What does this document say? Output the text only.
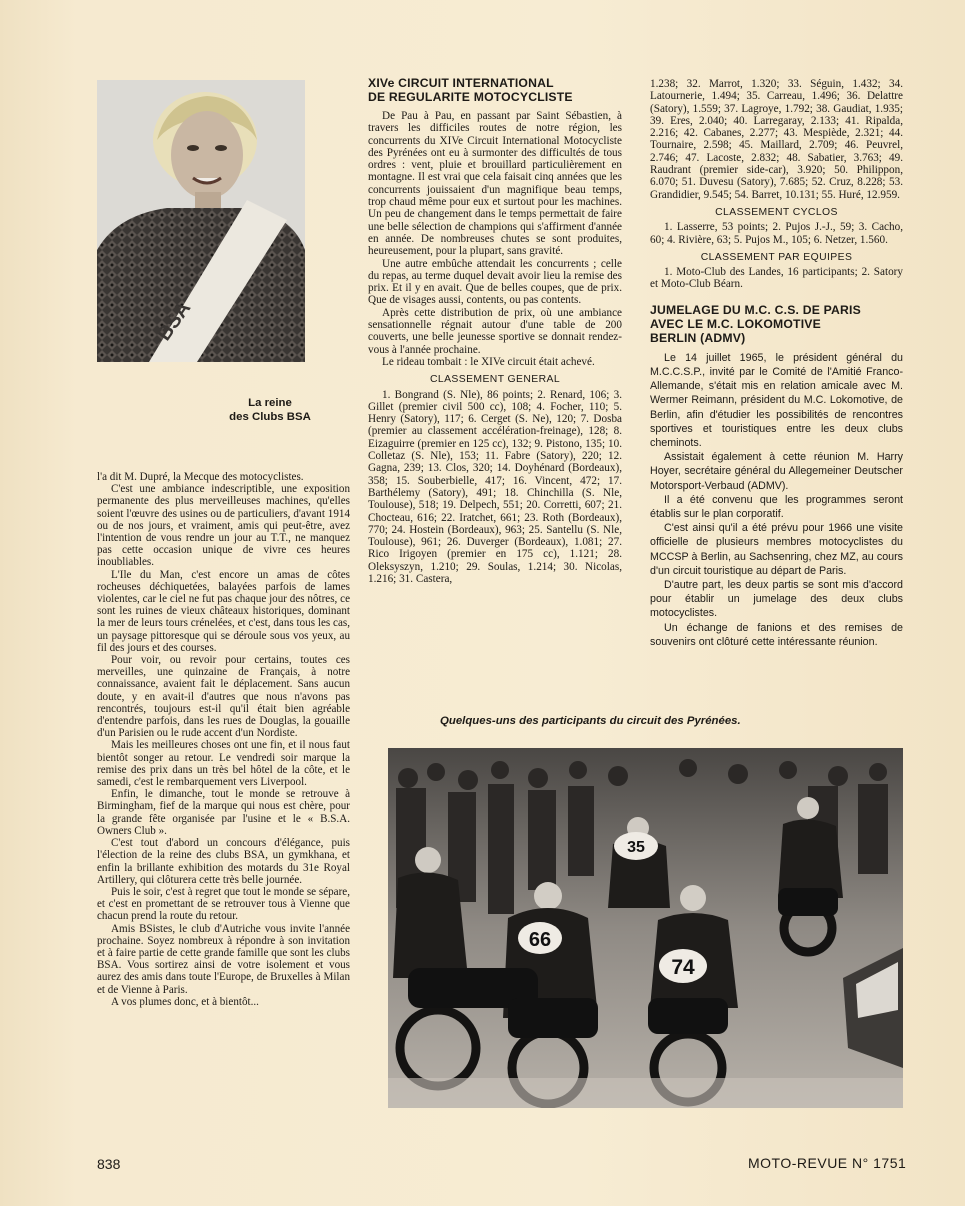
BSA
La reine
des Clubs BSA

l'a dit M. Dupré, la Mecque des motocyclistes.

C'est une ambiance indescriptible, une exposition permanente des plus merveilleuses machines, qu'elles soient l'œuvre des usines ou de particuliers, d'avant 1914 ou de nos jours, et vraiment, amis qui peut-être, avez l'intention de vous rendre un jour au T.T., ne manquez pas cette occasion unique de vivre ces heures inoubliables.

L'Ile du Man, c'est encore un amas de côtes rocheuses déchiquetées, balayées parfois de lames violentes, car le ciel ne fut pas chaque jour des nôtres, ce sont les ruines de vieux châteaux historiques, dominant la mer de leurs tours crénelées, et c'est, dans tous les cas, un paysage pittoresque qui se déroule sous vos yeux, au fil des jours et des courses.

Pour voir, ou revoir pour certains, toutes ces merveilles, une quinzaine de Français, à notre connaissance, avaient fait le déplacement. Sans aucun doute, y en avait-il d'autres que nous n'avons pas rencontrés, toujours est-il qu'il était bien agréable d'entendre parfois, dans les rues de Douglas, la gouaille d'un Parisien ou le rude accent d'un Nordiste.

Mais les meilleures choses ont une fin, et il nous faut bientôt songer au retour. Le vendredi soir marque la remise des prix dans un très bel hôtel de la côte, et le samedi, c'est le rembarquement vers Liverpool.

Enfin, le dimanche, tout le monde se retrouve à Birmingham, fief de la marque qui nous est chère, pour la grande fête organisée par l'usine et le « B.S.A. Owners Club ».

C'est tout d'abord un concours d'élégance, puis l'élection de la reine des clubs BSA, un gymkhana, et enfin la brillante exhibition des motards du 31e Royal Artillery, qui clôturera cette très belle journée.

Puis le soir, c'est à regret que tout le monde se sépare, et c'est en promettant de se retrouver tous à Vienne que chacun prend la route du retour.

Amis BSistes, le club d'Autriche vous invite l'année prochaine. Soyez nombreux à répondre à son invitation et à faire partie de cette grande famille que sont les clubs BSA. Vous sortirez ainsi de votre isolement et vous aurez des amis dans toute l'Europe, de Bruxelles à Milan et de Vienne à Paris.

A vos plumes donc, et à bientôt...

XIVe CIRCUIT INTERNATIONAL
DE REGULARITE MOTOCYCLISTE

De Pau à Pau, en passant par Saint Sébastien, à travers les difficiles routes de notre région, les concurrents du XIVe Circuit International Motocycliste des Pyrénées ont eu à surmonter des difficultés de tous ordres : vent, pluie et brouillard particulièrement en montagne. Il est vrai que cela faisait cinq années que les concurrents jouissaient d'un magnifique beau temps, trop chaud même pour eux et surtout pour les machines. Un peu de changement dans le temps permettait de faire une belle sélection de champions qui s'affirment d'année en année. De nombreuses chutes se sont produites, heureusement, pour la plupart, sans gravité.

Une autre embûche attendait les concurrents ; celle du repas, au terme duquel devait avoir lieu la remise des prix. Et il y en avait. Que de belles coupes, que de prix. Que de visages aussi, contents, ou pas contents.

Après cette distribution de prix, où une ambiance sensationnelle régnait autour d'une table de 200 couverts, une belle jeunesse sportive se donnait rendez-vous à l'année prochaine.

Le rideau tombait : le XIVe circuit était achevé.

CLASSEMENT GENERAL

1. Bongrand (S. Nle), 86 points; 2. Renard, 106; 3. Gillet (premier civil 500 cc), 108; 4. Focher, 110; 5. Henry (Satory), 117; 6. Cerget (S. Ne), 120; 7. Dosba (premier au classement accélération-freinage), 128; 8. Eizaguirre (premier en 125 cc), 132; 9. Pistono, 135; 10. Colletaz (S. Nle), 153; 11. Fabre (Satory), 220; 12. Gagna, 239; 13. Clos, 320; 14. Doyhénard (Bordeaux), 358; 15. Souberbielle, 417; 16. Vincent, 472; 17. Barthélemy (Satory), 491; 18. Chinchilla (S. Nle, Toulouse), 518; 19. Delpech, 551; 20. Corretti, 607; 21. Chocteau, 616; 22. Iratchet, 661; 23. Roth (Bordeaux), 770; 24. Hostein (Bordeaux), 963; 25. Santellu (S. Nle, Toulouse), 961; 26. Duverger (Bordeaux), 1.081; 27. Rico Irigoyen (premier en 175 cc), 1.121; 28. Oleksyszyn, 1.210; 29. Soulas, 1.214; 30. Nicolas, 1.216; 31. Castera,

1.238; 32. Marrot, 1.320; 33. Séguin, 1.432; 34. Latournerie, 1.494; 35. Carreau, 1.496; 36. Delattre (Satory), 1.559; 37. Lagroye, 1.792; 38. Gaudiat, 1.935; 39. Eres, 2.040; 40. Larregaray, 2.133; 41. Ripalda, 2.216; 42. Cabanes, 2.277; 43. Mespiède, 2.321; 44. Tournaire, 2.598; 45. Maillard, 2.709; 46. Peuvrel, 2.746; 47. Lacoste, 2.832; 48. Sabatier, 3.763; 49. Raudrant (premier side-car), 3.920; 50. Philippon, 6.070; 51. Duvesu (Satory), 7.685; 52. Cruz, 8.228; 53. Grandidier, 9.545; 54. Barret, 10.131; 55. Huré, 12.959.

CLASSEMENT CYCLOS

1. Lasserre, 53 points; 2. Pujos J.-J., 59; 3. Cacho, 60; 4. Rivière, 63; 5. Pujos M., 105; 6. Netzer, 1.560.

CLASSEMENT PAR EQUIPES

1. Moto-Club des Landes, 16 participants; 2. Satory et Moto-Club Béarn.

JUMELAGE DU M.C. C.S. DE PARIS
AVEC LE M.C. LOKOMOTIVE
BERLIN (ADMV)

Le 14 juillet 1965, le président général du M.C.C.S.P., invité par le Comité de l'Amitié Franco-Allemande, s'était mis en relation amicale avec M. Wermer Reimann, président du M.C. Lokomotive, de Berlin, afin d'étudier les possibilités de rencontres sportives et touristiques entre les deux clubs cheminots.

Assistait également à cette réunion M. Harry Hoyer, secrétaire général du Allegemeiner Deutscher Motorsport-Verbaud (ADMV).

Il a été convenu que les programmes seront établis sur le plan corporatif.

C'est ainsi qu'il a été prévu pour 1966 une visite officielle de plusieurs membres motocyclistes du MCCSP à Berlin, au Sachsenring, chez MZ, au cours d'un circuit touristique au départ de Paris.

D'autre part, les deux partis se sont mis d'accord pour établir un jumelage des deux clubs motocyclistes.

Un échange de fanions et des remises de souvenirs ont clôturé cette intéressante réunion.

Quelques-uns des participants du circuit des Pyrénées.
35
66
74
838	MOTO-REVUE N° 1751
